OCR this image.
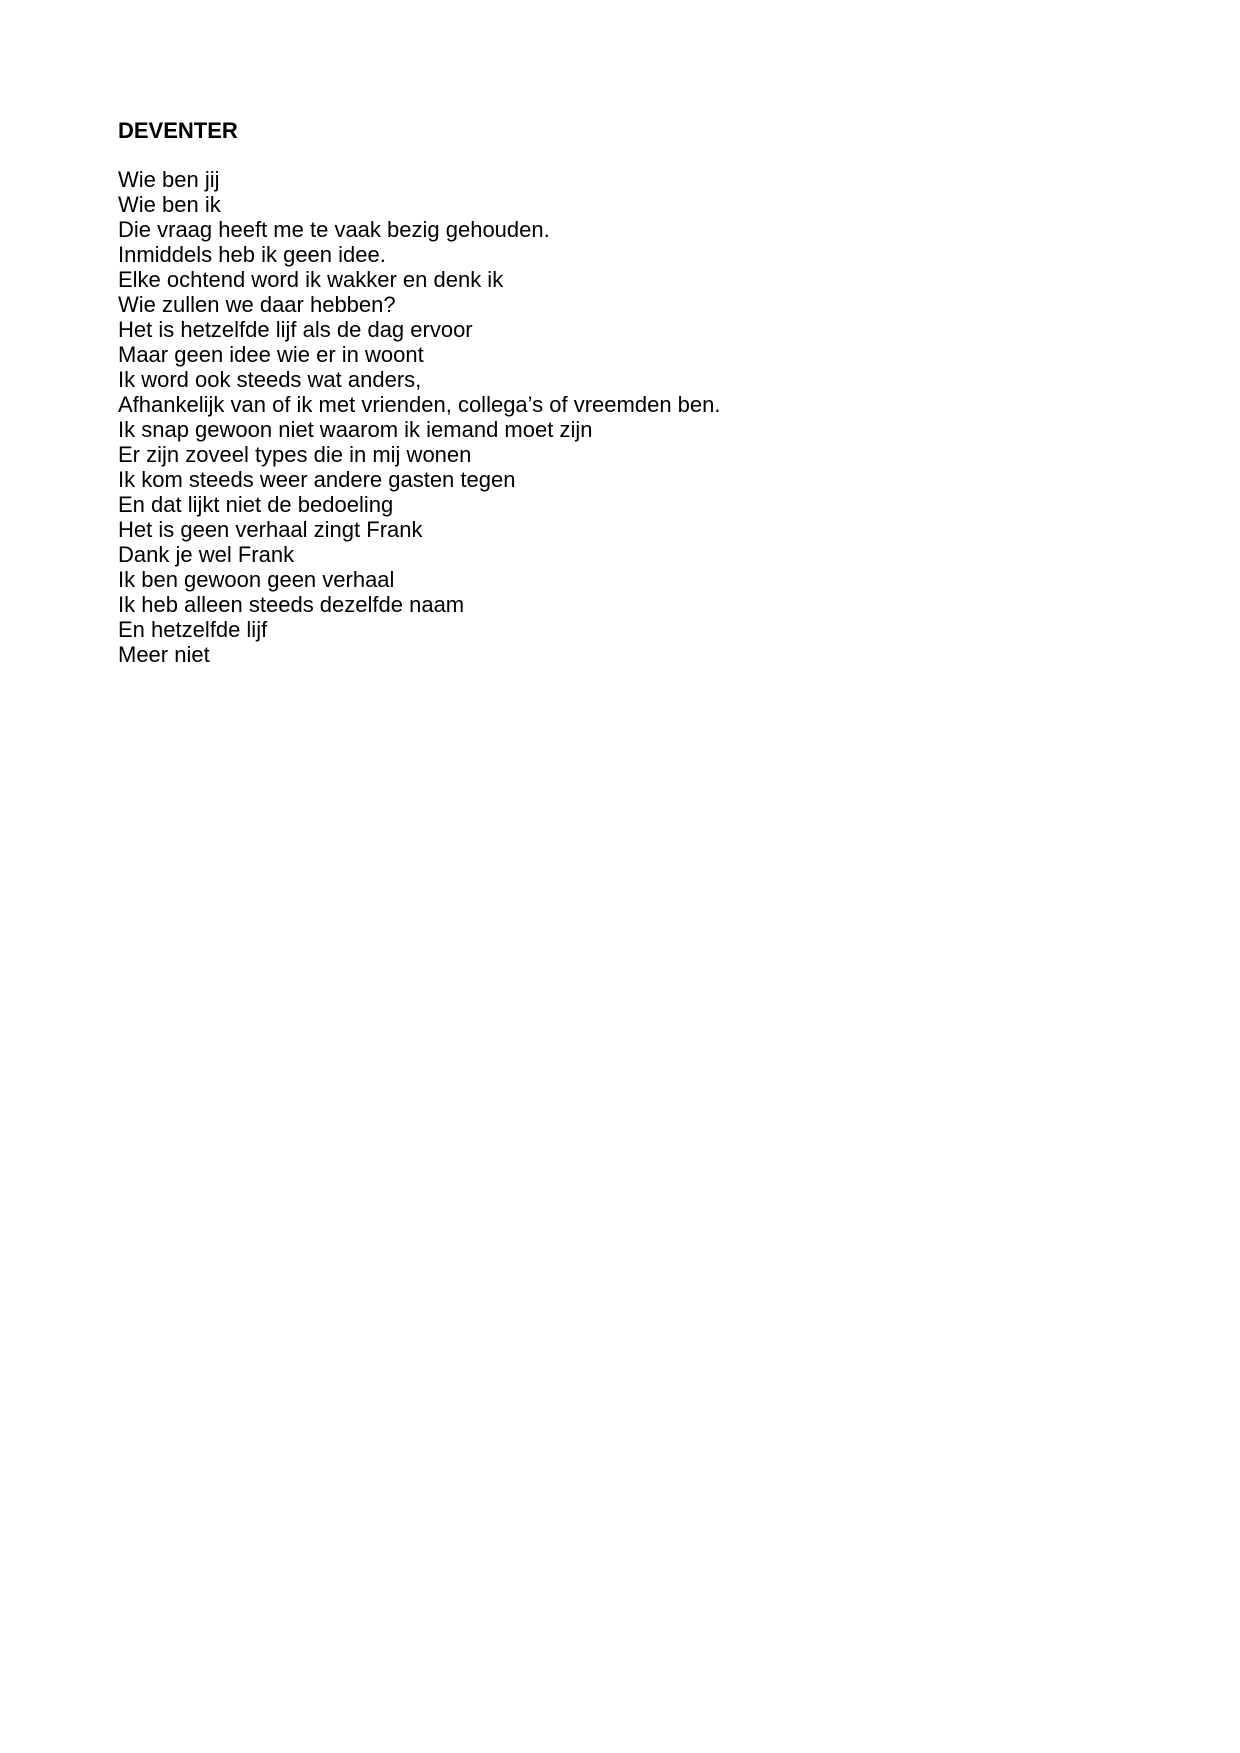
DEVENTER
Wie ben jij
Wie ben ik
Die vraag heeft me te vaak bezig gehouden.
Inmiddels heb ik geen idee.
Elke ochtend word ik wakker en denk ik
Wie zullen we daar hebben?
Het is hetzelfde lijf als de dag ervoor
Maar geen idee wie er in woont
Ik word ook steeds wat anders,
Afhankelijk van of ik met vrienden, collega’s of vreemden ben.
Ik snap gewoon niet waarom ik iemand moet zijn
Er zijn zoveel types die in mij wonen
Ik kom steeds weer andere gasten tegen
En dat lijkt niet de bedoeling
Het is geen verhaal zingt Frank
Dank je wel Frank
Ik ben gewoon geen verhaal
Ik heb alleen steeds dezelfde naam
En hetzelfde lijf
Meer niet
